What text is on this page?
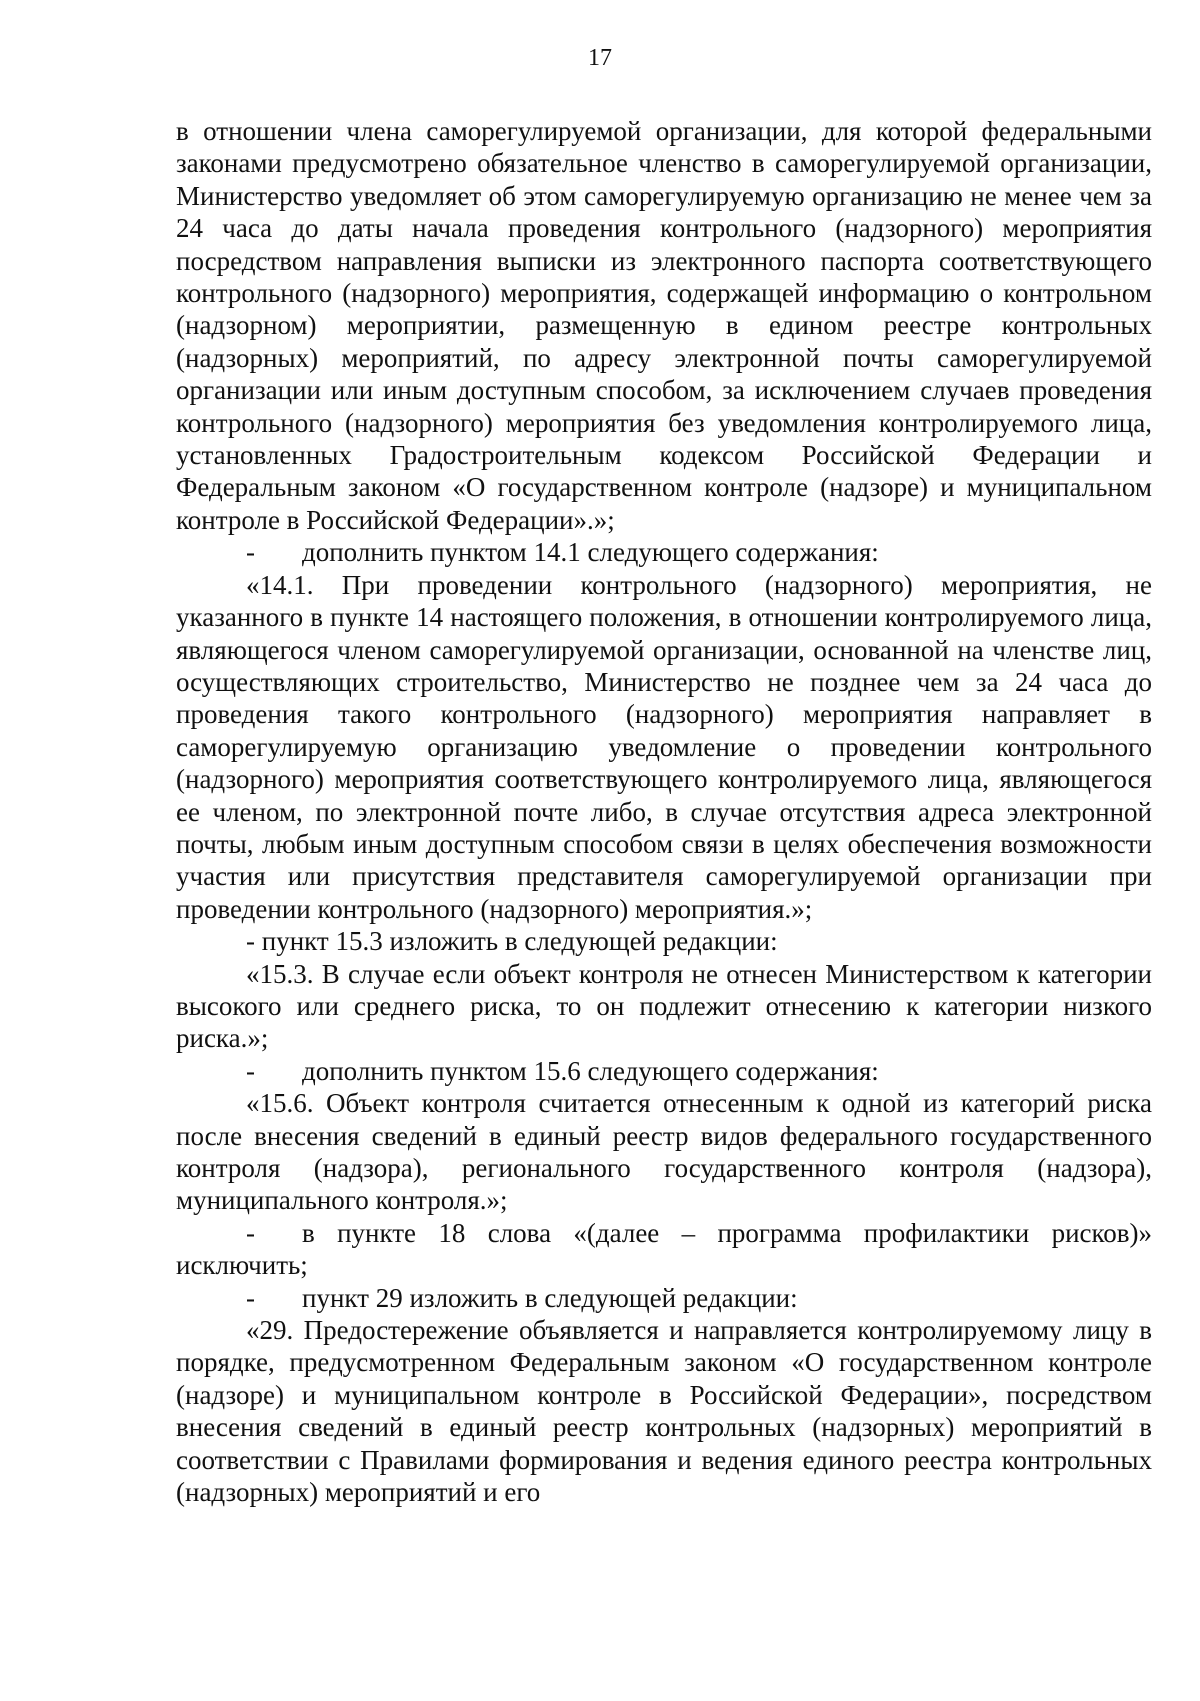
17

в отношении члена саморегулируемой организации, для которой федеральными законами предусмотрено обязательное членство в саморегулируемой организации, Министерство уведомляет об этом саморегулируемую организацию не менее чем за 24 часа до даты начала проведения контрольного (надзорного) мероприятия посредством направления выписки из электронного паспорта соответствующего контрольного (надзорного) мероприятия, содержащей информацию о контрольном (надзорном) мероприятии, размещенную в едином реестре контрольных (надзорных) мероприятий, по адресу электронной почты саморегулируемой организации или иным доступным способом, за исключением случаев проведения контрольного (надзорного) мероприятия без уведомления контролируемого лица, установленных Градостроительным кодексом Российской Федерации и Федеральным законом «О государственном контроле (надзоре) и муниципальном контроле в Российской Федерации».»;

- дополнить пунктом 14.1 следующего содержания:

«14.1. При проведении контрольного (надзорного) мероприятия, не указанного в пункте 14 настоящего положения, в отношении контролируемого лица, являющегося членом саморегулируемой организации, основанной на членстве лиц, осуществляющих строительство, Министерство не позднее чем за 24 часа до проведения такого контрольного (надзорного) мероприятия направляет в саморегулируемую организацию уведомление о проведении контрольного (надзорного) мероприятия соответствующего контролируемого лица, являющегося ее членом, по электронной почте либо, в случае отсутствия адреса электронной почты, любым иным доступным способом связи в целях обеспечения возможности участия или присутствия представителя саморегулируемой организации при проведении контрольного (надзорного) мероприятия.»;

- пункт 15.3 изложить в следующей редакции:

«15.3. В случае если объект контроля не отнесен Министерством к категории высокого или среднего риска, то он подлежит отнесению к категории низкого риска.»;

- дополнить пунктом 15.6 следующего содержания:

«15.6. Объект контроля считается отнесенным к одной из категорий риска после внесения сведений в единый реестр видов федерального государственного контроля (надзора), регионального государственного контроля (надзора), муниципального контроля.»;

- в пункте 18 слова «(далее – программа профилактики рисков)» исключить;

- пункт 29 изложить в следующей редакции:

«29. Предостережение объявляется и направляется контролируемому лицу в порядке, предусмотренном Федеральным законом «О государственном контроле (надзоре) и муниципальном контроле в Российской Федерации», посредством внесения сведений в единый реестр контрольных (надзорных) мероприятий в соответствии с Правилами формирования и ведения единого реестра контрольных (надзорных) мероприятий и его
